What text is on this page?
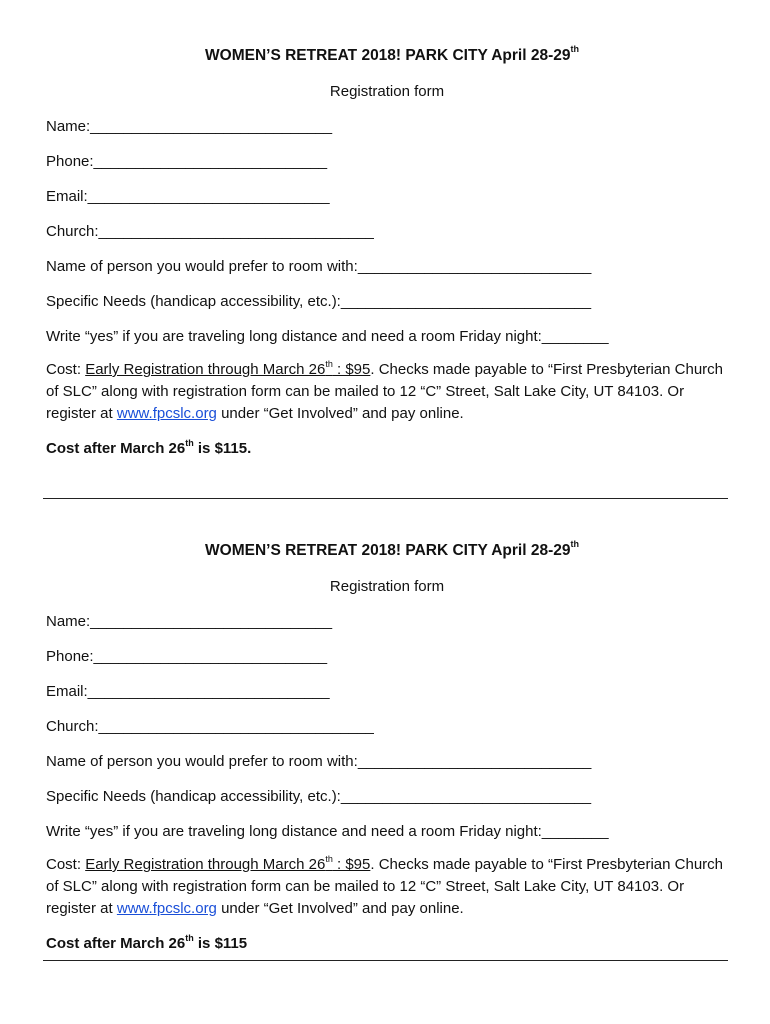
WOMEN’S RETREAT 2018! PARK CITY April 28-29th
Registration form
Name:_____________________________
Phone:____________________________
Email:_____________________________
Church:_________________________________
Name of person you would prefer to room with:____________________________
Specific Needs (handicap accessibility, etc.):______________________________
Write “yes” if you are traveling long distance and need a room Friday night:________
Cost: Early Registration through March 26th : $95. Checks made payable to “First Presbyterian Church of SLC” along with registration form can be mailed to 12 “C” Street, Salt Lake City, UT 84103. Or register at www.fpcslc.org under “Get Involved” and pay online.
Cost after March 26th is $115.
WOMEN’S RETREAT 2018! PARK CITY April 28-29th
Registration form
Name:_____________________________
Phone:____________________________
Email:_____________________________
Church:_________________________________
Name of person you would prefer to room with:____________________________
Specific Needs (handicap accessibility, etc.):______________________________
Write “yes” if you are traveling long distance and need a room Friday night:________
Cost: Early Registration through March 26th : $95. Checks made payable to “First Presbyterian Church of SLC” along with registration form can be mailed to 12 “C” Street, Salt Lake City, UT 84103. Or register at www.fpcslc.org under “Get Involved” and pay online.
Cost after March 26th is $115
